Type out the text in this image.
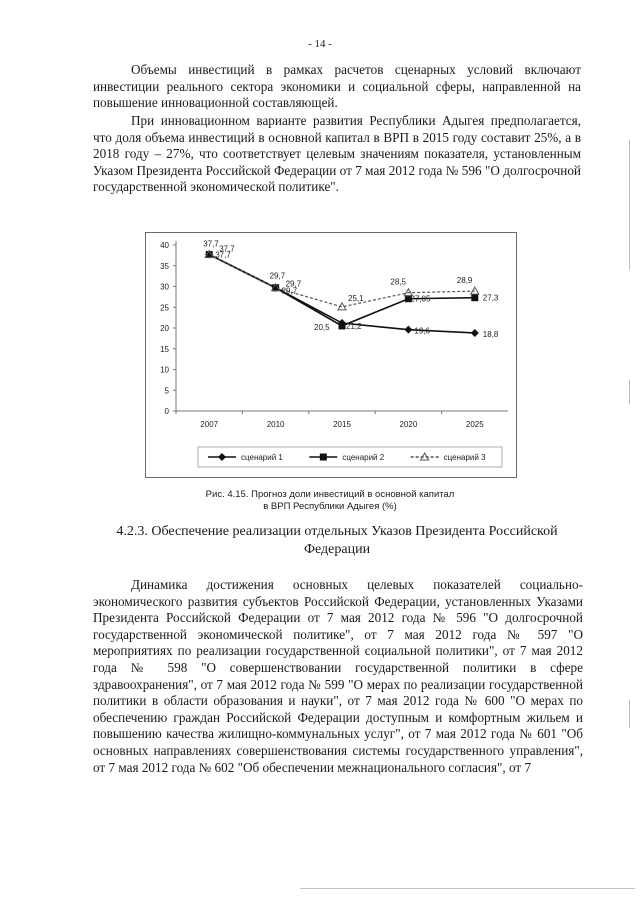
- 14 -
Объемы инвестиций в рамках расчетов сценарных условий включают инвестиции реального сектора экономики и социальной сферы, направленной на повышение инновационной составляющей.
При инновационном варианте развития Республики Адыгея предполагается, что доля объема инвестиций в основной капитал в ВРП в 2015 году составит 25%, а в 2018 году – 27%, что соответствует целевым значениям показателя, установленным Указом Президента Российской Федерации от 7 мая 2012 года № 596 "О долгосрочной государственной экономической политике".
0
5
10
15
20
25
30
35
40
2007	2010	2015	2020	2025
37,7
29,7
21,2
19,6	18,8
37,7
29,7
20,5
27,05	27,3
37,7
29,7
25,1
28,5	28,9
сценарий 1	сценарий 2	сценарий 3
Рис. 4.15. Прогноз доли инвестиций в основной капитал
в ВРП Республики Адыгея (%)
4.2.3. Обеспечение реализации отдельных Указов Президента Российской Федерации
Динамика достижения основных целевых показателей социально-экономического развития субъектов Российской Федерации, установленных Указами Президента Российской Федерации от 7 мая 2012 года № 596 "О долгосрочной государственной экономической политике", от 7 мая 2012 года № 597 "О мероприятиях по реализации государственной социальной политики", от 7 мая 2012 года № 598 "О совершенствовании государственной политики в сфере здравоохранения", от 7 мая 2012 года № 599 "О мерах по реализации государственной политики в области образования и науки", от 7 мая 2012 года № 600 "О мерах по обеспечению граждан Российской Федерации доступным и комфортным жильем и повышению качества жилищно-коммунальных услуг", от 7 мая 2012 года № 601 "Об основных направлениях совершенствования системы государственного управления", от 7 мая 2012 года № 602 "Об обеспечении межнационального согласия", от 7
